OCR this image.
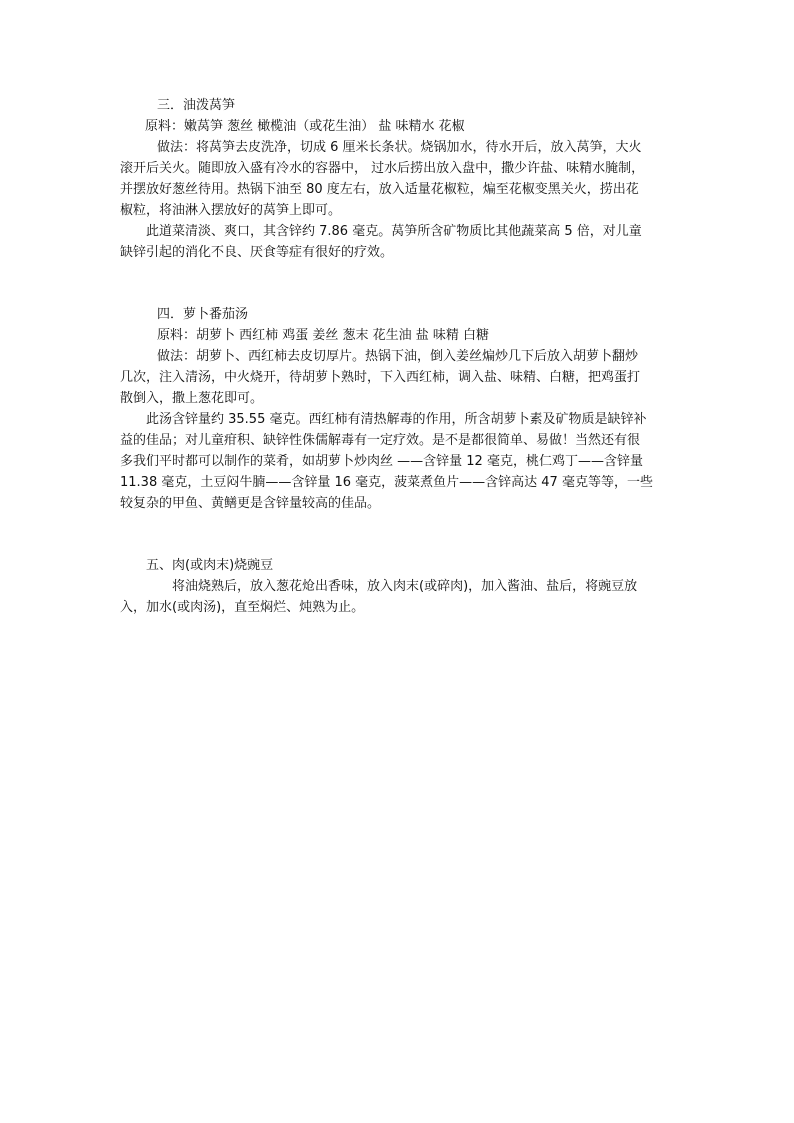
三．油泼莴笋
原料：嫩莴笋 葱丝 橄榄油（或花生油） 盐 味精水 花椒
做法：将莴笋去皮洗净，切成 6 厘米长条状。烧锅加水，待水开后，放入莴笋，大火
滚开后关火。随即放入盛有冷水的容器中， 过水后捞出放入盘中，撒少许盐、味精水腌制，
并摆放好葱丝待用。热锅下油至 80 度左右，放入适量花椒粒，煸至花椒变黑关火，捞出花
椒粒，将油淋入摆放好的莴笋上即可。
此道菜清淡、爽口，其含锌约 7.86 毫克。莴笋所含矿物质比其他蔬菜高 5 倍，对儿童
缺锌引起的消化不良、厌食等症有很好的疗效。
四．萝卜番茄汤
原料：胡萝卜 西红柿 鸡蛋 姜丝 葱末 花生油 盐 味精 白糖
做法：胡萝卜、西红柿去皮切厚片。热锅下油，倒入姜丝煸炒几下后放入胡萝卜翻炒
几次，注入清汤，中火烧开，待胡萝卜熟时，下入西红柿，调入盐、味精、白糖，把鸡蛋打
散倒入，撒上葱花即可。
此汤含锌量约 35.55 毫克。西红柿有清热解毒的作用，所含胡萝卜素及矿物质是缺锌补
益的佳品；对儿童疳积、缺锌性侏儒解毒有一定疗效。是不是都很简单、易做！当然还有很
多我们平时都可以制作的菜肴，如胡萝卜炒肉丝 ——含锌量 12 毫克，桃仁鸡丁——含锌量
11.38 毫克，土豆闷牛腩——含锌量 16 毫克，菠菜煮鱼片——含锌高达 47 毫克等等，一些
较复杂的甲鱼、黄鳝更是含锌量较高的佳品。
五、肉(或肉末)烧豌豆
将油烧熟后，放入葱花炝出香味，放入肉末(或碎肉)，加入酱油、盐后，将豌豆放
入，加水(或肉汤)，直至焖烂、炖熟为止。
